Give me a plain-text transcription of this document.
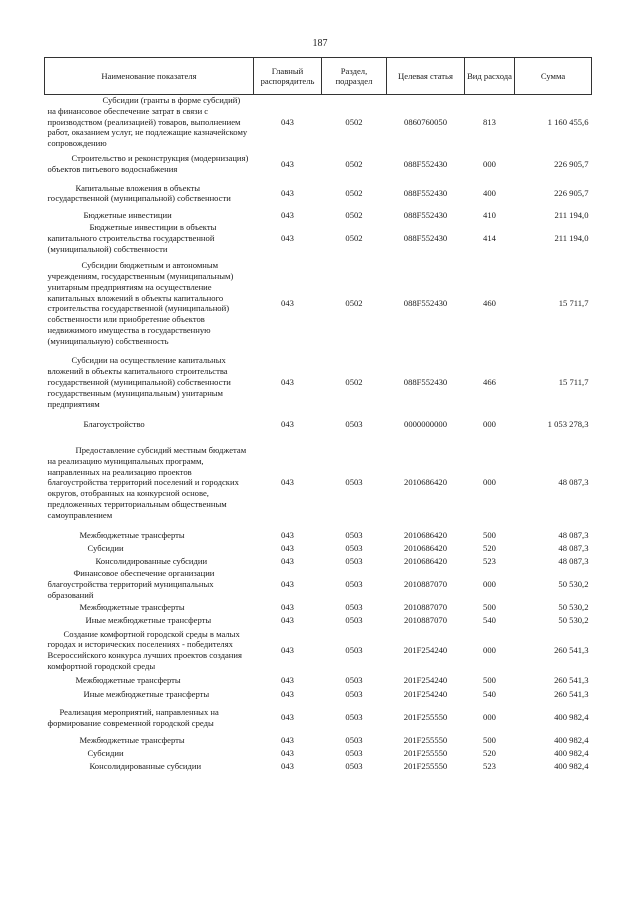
187
Наименование показателя	Главный распорядитель	Раздел, подраздел	Целевая статья	Вид расхода	Сумма
Субсидии (гранты в форме субсидий) на финансовое обеспечение затрат в связи с производством (реализацией) товаров, выполнением работ, оказанием услуг, не подлежащие казначейскому сопровождению	043	0502	0860760050	813	1 160 455,6
Строительство и реконструкция (модернизация) объектов питьевого водоснабжения	043	0502	088F552430	000	226 905,7
Капитальные вложения в объекты государственной (муниципальной) собственности	043	0502	088F552430	400	226 905,7
Бюджетные инвестиции	043	0502	088F552430	410	211 194,0
Бюджетные инвестиции в объекты капитального строительства государственной (муниципальной) собственности	043	0502	088F552430	414	211 194,0
Субсидии бюджетным и автономным учреждениям, государственным (муниципальным) унитарным предприятиям на осуществление капитальных вложений в объекты капитального строительства государственной (муниципальной) собственности или приобретение объектов недвижимого имущества в государственную (муниципальную) собственность	043	0502	088F552430	460	15 711,7
Субсидии на осуществление капитальных вложений в объекты капитального строительства государственной (муниципальной) собственности государственным (муниципальным) унитарным предприятиям	043	0502	088F552430	466	15 711,7
Благоустройство	043	0503	0000000000	000	1 053 278,3
Предоставление субсидий местным бюджетам на реализацию муниципальных программ, направленных на реализацию проектов благоустройства территорий поселений и городских округов, отобранных на конкурсной основе, предложенных территориальным общественным самоуправлением	043	0503	2010686420	000	48 087,3
Межбюджетные трансферты	043	0503	2010686420	500	48 087,3
Субсидии	043	0503	2010686420	520	48 087,3
Консолидированные субсидии	043	0503	2010686420	523	48 087,3
Финансовое обеспечение организации благоустройства территорий муниципальных образований	043	0503	2010887070	000	50 530,2
Межбюджетные трансферты	043	0503	2010887070	500	50 530,2
Иные межбюджетные трансферты	043	0503	2010887070	540	50 530,2
Создание комфортной городской среды в малых городах и исторических поселениях - победителях Всероссийского конкурса лучших проектов создания комфортной городской среды	043	0503	201F254240	000	260 541,3
Межбюджетные трансферты	043	0503	201F254240	500	260 541,3
Иные межбюджетные трансферты	043	0503	201F254240	540	260 541,3
Реализация мероприятий, направленных на формирование современной городской среды	043	0503	201F255550	000	400 982,4
Межбюджетные трансферты	043	0503	201F255550	500	400 982,4
Субсидии	043	0503	201F255550	520	400 982,4
Консолидированные субсидии	043	0503	201F255550	523	400 982,4
